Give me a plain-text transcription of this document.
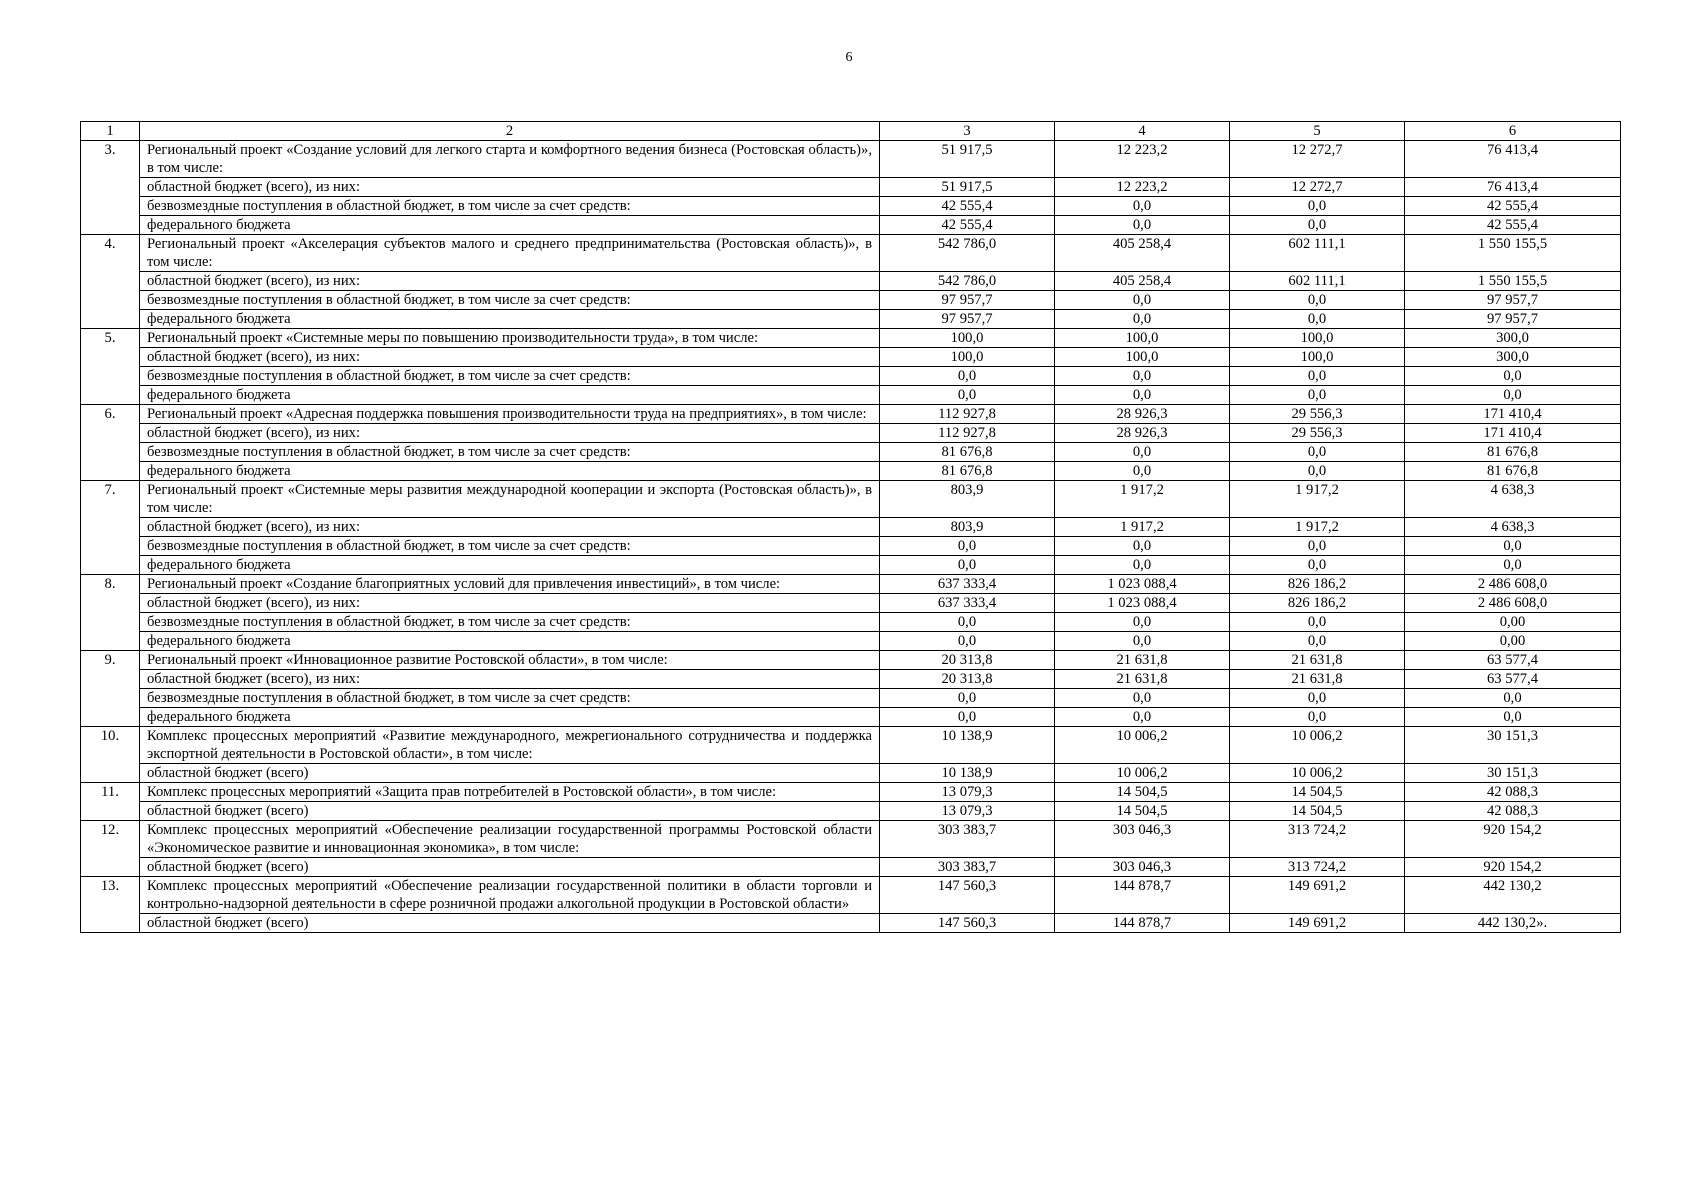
6
1	2	3	4	5	6
3.	Региональный проект «Создание условий для легкого старта и комфортного ведения бизнеса (Ростовская область)», в том числе:	51 917,5	12 223,2	12 272,7	76 413,4
	областной бюджет (всего), из них:	51 917,5	12 223,2	12 272,7	76 413,4
	безвозмездные поступления в областной бюджет, в том числе за счет средств:	42 555,4	0,0	0,0	42 555,4
	федерального бюджета	42 555,4	0,0	0,0	42 555,4
4.	Региональный проект «Акселерация субъектов малого и среднего предпринимательства (Ростовская область)», в том числе:	542 786,0	405 258,4	602 111,1	1 550 155,5
	областной бюджет (всего), из них:	542 786,0	405 258,4	602 111,1	1 550 155,5
	безвозмездные поступления в областной бюджет, в том числе за счет средств:	97 957,7	0,0	0,0	97 957,7
	федерального бюджета	97 957,7	0,0	0,0	97 957,7
5.	Региональный проект «Системные меры по повышению производительности труда», в том числе:	100,0	100,0	100,0	300,0
	областной бюджет (всего), из них:	100,0	100,0	100,0	300,0
	безвозмездные поступления в областной бюджет, в том числе за счет средств:	0,0	0,0	0,0	0,0
	федерального бюджета	0,0	0,0	0,0	0,0
6.	Региональный проект «Адресная поддержка повышения производительности труда на предприятиях», в том числе:	112 927,8	28 926,3	29 556,3	171 410,4
	областной бюджет (всего), из них:	112 927,8	28 926,3	29 556,3	171 410,4
	безвозмездные поступления в областной бюджет, в том числе за счет средств:	81 676,8	0,0	0,0	81 676,8
	федерального бюджета	81 676,8	0,0	0,0	81 676,8
7.	Региональный проект «Системные меры развития международной кооперации и экспорта (Ростовская область)», в том числе:	803,9	1 917,2	1 917,2	4 638,3
	областной бюджет (всего), из них:	803,9	1 917,2	1 917,2	4 638,3
	безвозмездные поступления в областной бюджет, в том числе за счет средств:	0,0	0,0	0,0	0,0
	федерального бюджета	0,0	0,0	0,0	0,0
8.	Региональный проект «Создание благоприятных условий для привлечения инвестиций», в том числе:	637 333,4	1 023 088,4	826 186,2	2 486 608,0
	областной бюджет (всего), из них:	637 333,4	1 023 088,4	826 186,2	2 486 608,0
	безвозмездные поступления в областной бюджет, в том числе за счет средств:	0,0	0,0	0,0	0,00
	федерального бюджета	0,0	0,0	0,0	0,00
9.	Региональный проект «Инновационное развитие Ростовской области», в том числе:	20 313,8	21 631,8	21 631,8	63 577,4
	областной бюджет (всего), из них:	20 313,8	21 631,8	21 631,8	63 577,4
	безвозмездные поступления в областной бюджет, в том числе за счет средств:	0,0	0,0	0,0	0,0
	федерального бюджета	0,0	0,0	0,0	0,0
10.	Комплекс процессных мероприятий «Развитие международного, межрегионального сотрудничества и поддержка экспортной деятельности в Ростовской области», в том числе:	10 138,9	10 006,2	10 006,2	30 151,3
	областной бюджет (всего)	10 138,9	10 006,2	10 006,2	30 151,3
11.	Комплекс процессных мероприятий «Защита прав потребителей в Ростовской области», в том числе:	13 079,3	14 504,5	14 504,5	42 088,3
	областной бюджет (всего)	13 079,3	14 504,5	14 504,5	42 088,3
12.	Комплекс процессных мероприятий «Обеспечение реализации государственной программы Ростовской области «Экономическое развитие и инновационная экономика», в том числе:	303 383,7	303 046,3	313 724,2	920 154,2
	областной бюджет (всего)	303 383,7	303 046,3	313 724,2	920 154,2
13.	Комплекс процессных мероприятий «Обеспечение реализации государственной политики в области торговли и контрольно-надзорной деятельности в сфере розничной продажи алкогольной продукции в Ростовской области»	147 560,3	144 878,7	149 691,2	442 130,2
	областной бюджет (всего)	147 560,3	144 878,7	149 691,2	442 130,2».
